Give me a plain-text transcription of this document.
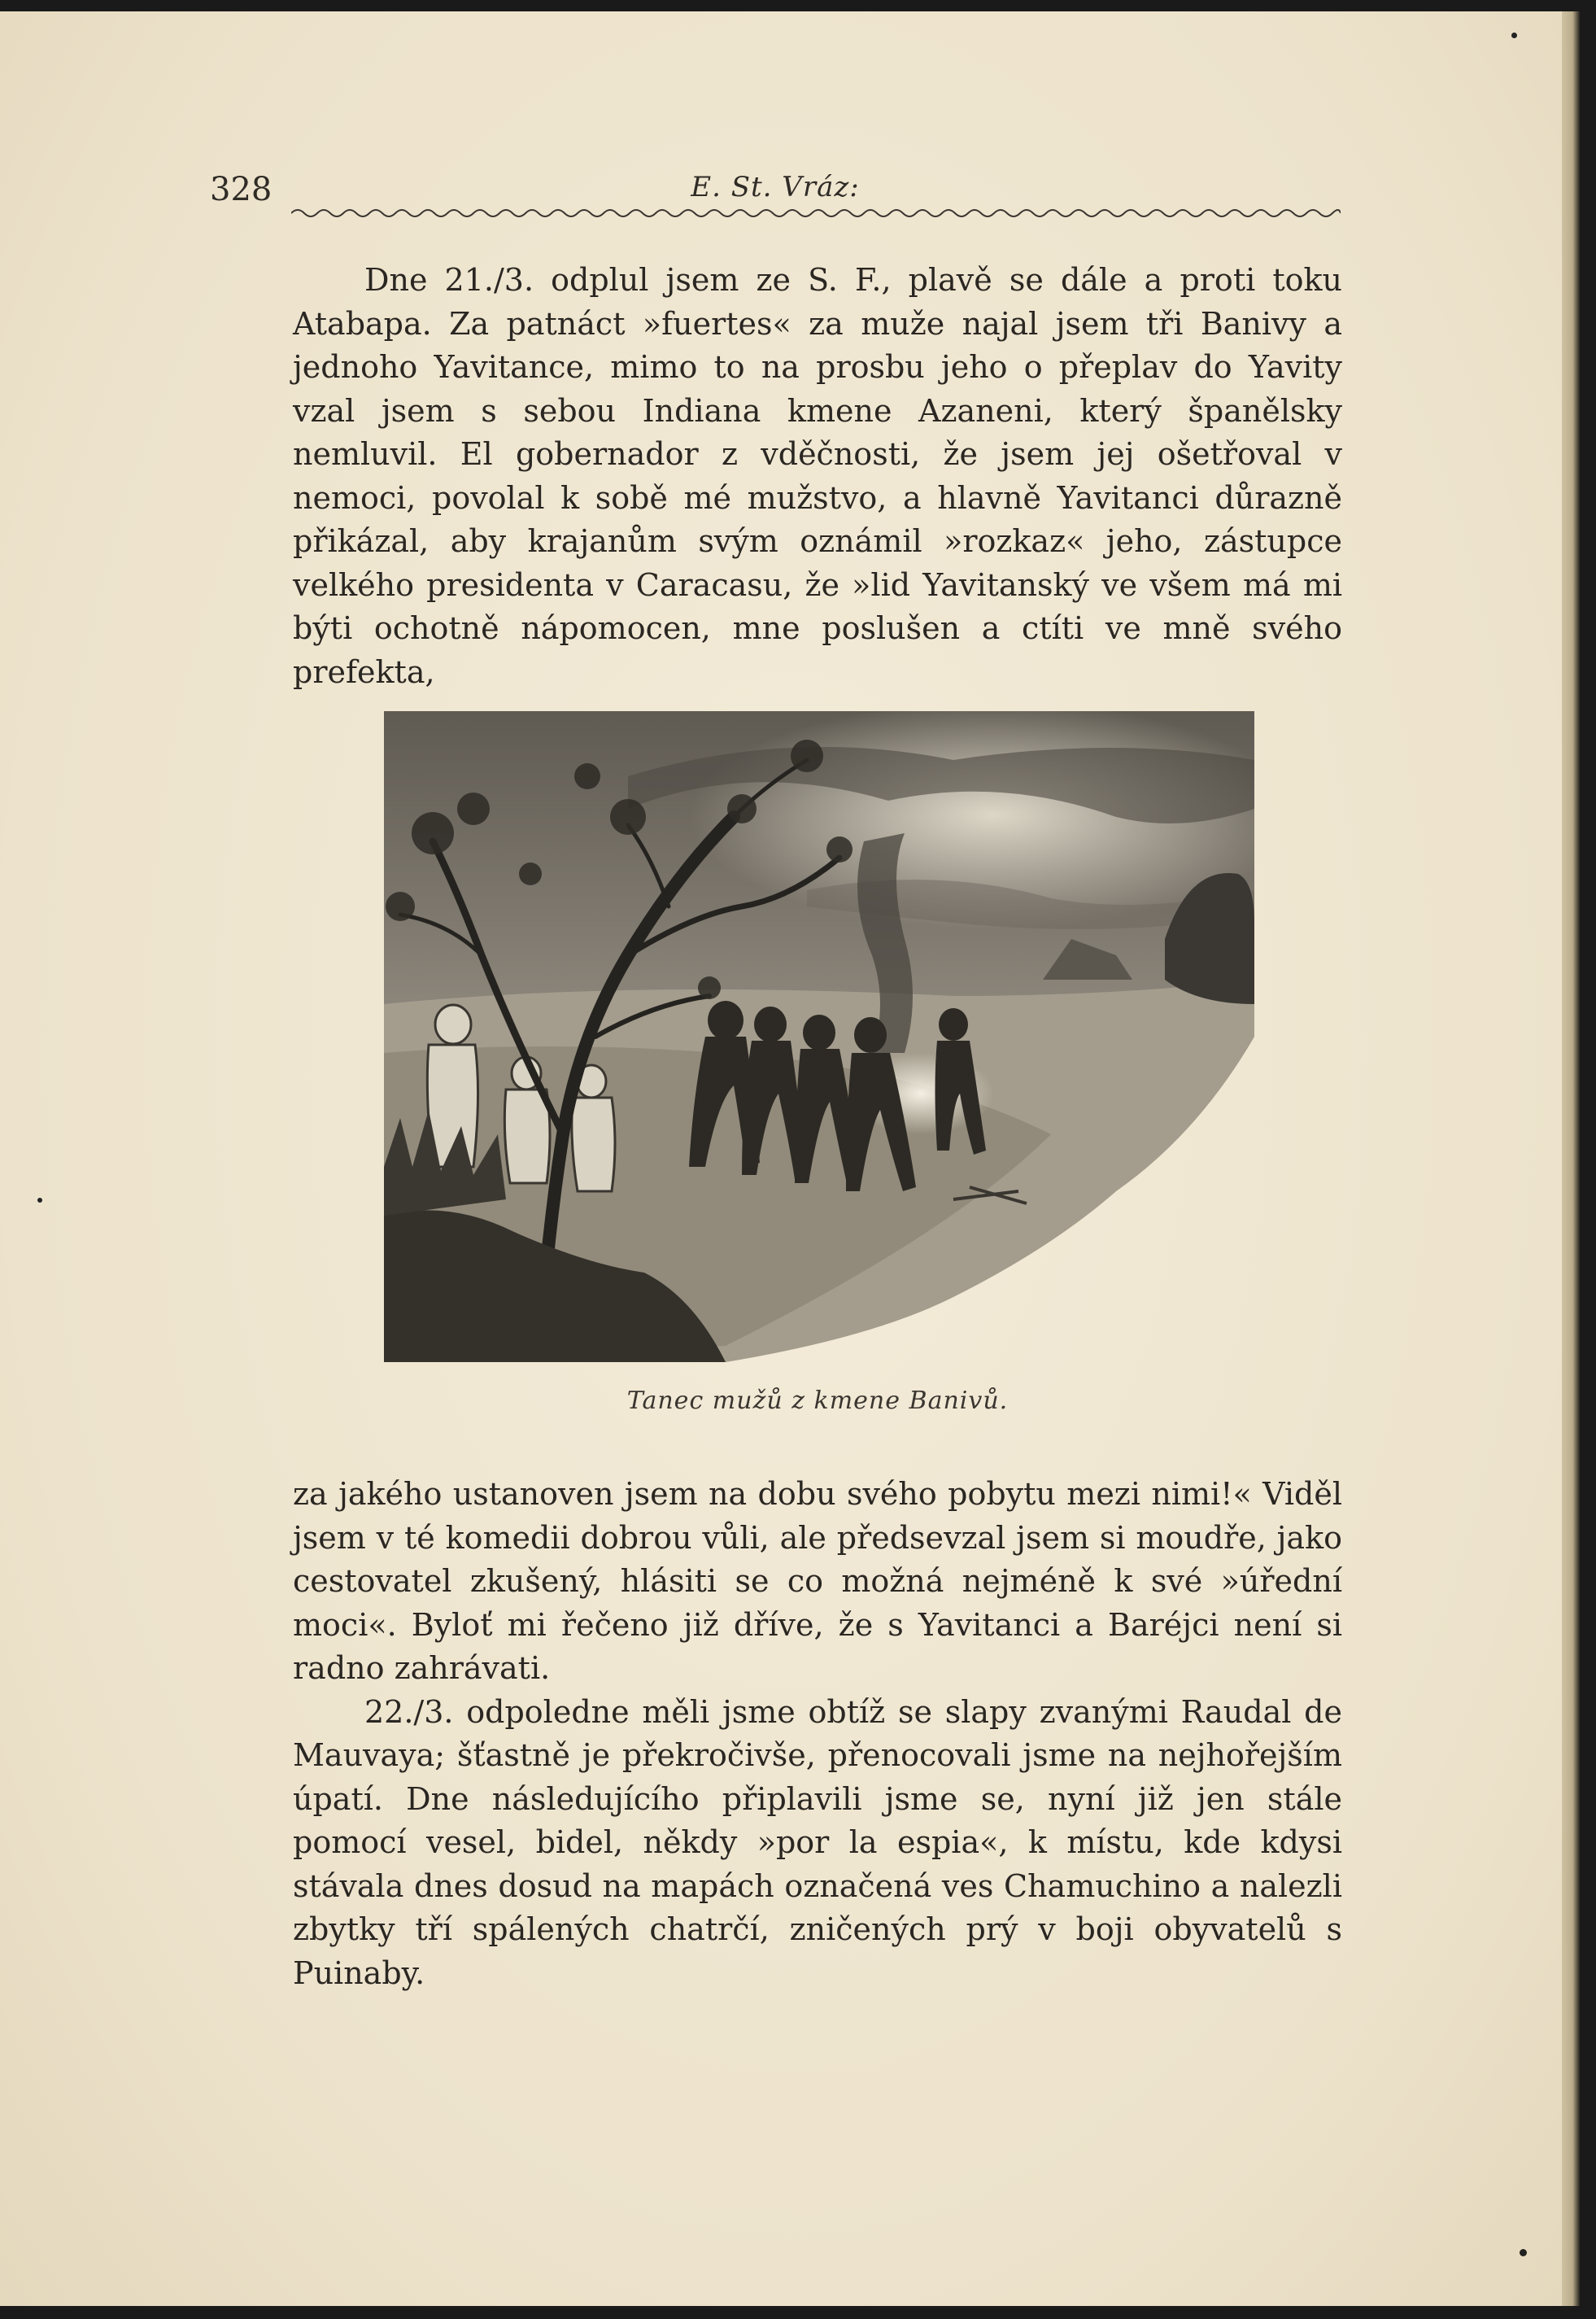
328	E. St. Vráz:

Dne 21./3. odplul jsem ze S. F., plavě se dále a proti toku Atabapa. Za patnáct »fuertes« za muže najal jsem tři Banivy a jednoho Yavitance, mimo to na prosbu jeho o přeplav do Yavity vzal jsem s sebou Indiana kmene Azaneni, který španělsky nemluvil. El gobernador z vděčnosti, že jsem jej ošetřoval v nemoci, povolal k sobě mé mužstvo, a hlavně Yavitanci důrazně přikázal, aby krajanům svým oznámil »rozkaz« jeho, zástupce velkého presidenta v Caracasu, že »lid Yavitanský ve všem má mi býti ochotně nápomocen, mne poslušen a ctíti ve mně svého prefekta,

Tanec mužů z kmene Banivů.

za jakého ustanoven jsem na dobu svého pobytu mezi nimi!« Viděl jsem v té komedii dobrou vůli, ale předsevzal jsem si moudře, jako cestovatel zkušený, hlásiti se co možná nejméně k své »úřední moci«. Byloť mi řečeno již dříve, že s Yavitanci a Baréjci není si radno zahrávati.

22./3. odpoledne měli jsme obtíž se slapy zvanými Raudal de Mauvaya; šťastně je překročivše, přenocovali jsme na nejhořejším úpatí. Dne následujícího připlavili jsme se, nyní již jen stále pomocí vesel, bidel, někdy »por la espia«, k místu, kde kdysi stávala dnes dosud na mapách označená ves Chamuchino a nalezli zbytky tří spálených chatrčí, zničených prý v boji obyvatelů s Puinaby.
